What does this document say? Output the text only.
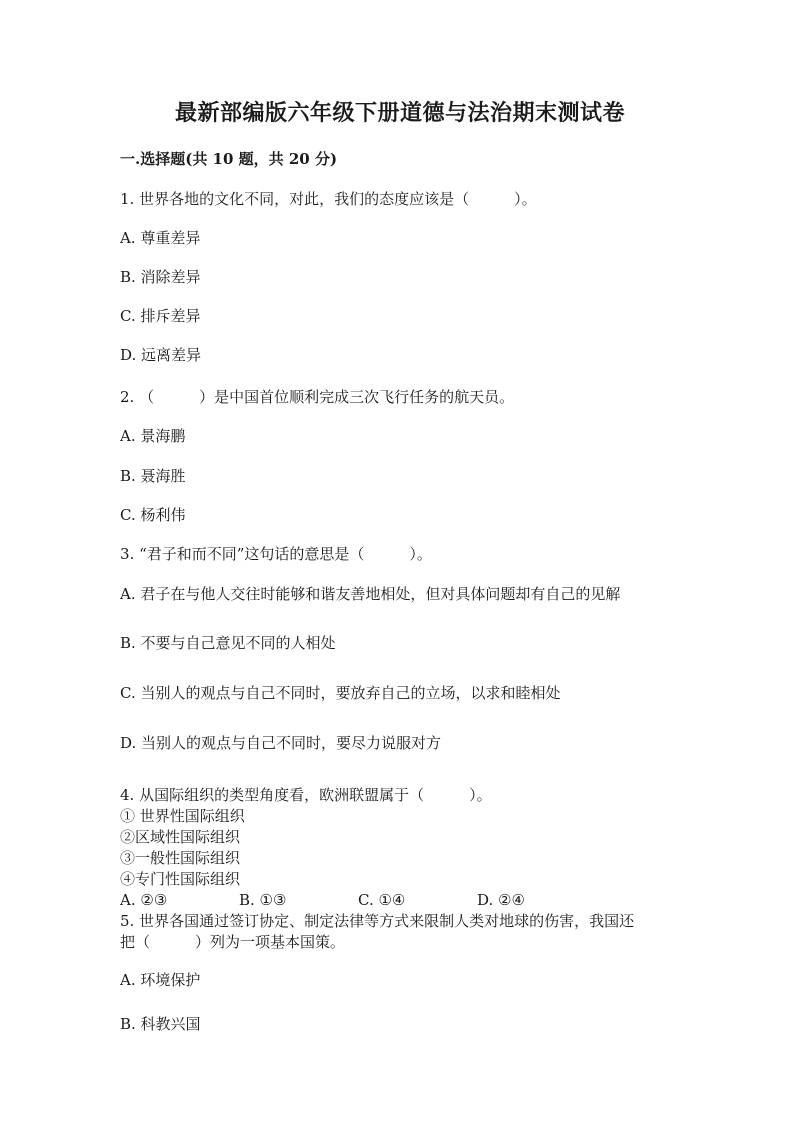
最新部编版六年级下册道德与法治期末测试卷
一.选择题(共 10 题，共 20 分)
1. 世界各地的文化不同，对此，我们的态度应该是（　　　）。
A. 尊重差异
B. 消除差异
C. 排斥差异
D. 远离差异
2. （　　　）是中国首位顺利完成三次飞行任务的航天员。
A. 景海鹏
B. 聂海胜
C. 杨利伟
3. “君子和而不同”这句话的意思是（　　　）。
A. 君子在与他人交往时能够和谐友善地相处，但对具体问题却有自己的见解
B. 不要与自己意见不同的人相处
C. 当别人的观点与自己不同时，要放弃自己的立场，以求和睦相处
D. 当别人的观点与自己不同时，要尽力说服对方
4. 从国际组织的类型角度看，欧洲联盟属于（　　　）。
① 世界性国际组织
②区域性国际组织
③一般性国际组织
④专门性国际组织
A. ②③	B. ①③	C. ①④	D. ②④
5. 世界各国通过签订协定、制定法律等方式来限制人类对地球的伤害，我国还
把（　　　）列为一项基本国策。
A. 环境保护
B. 科教兴国
